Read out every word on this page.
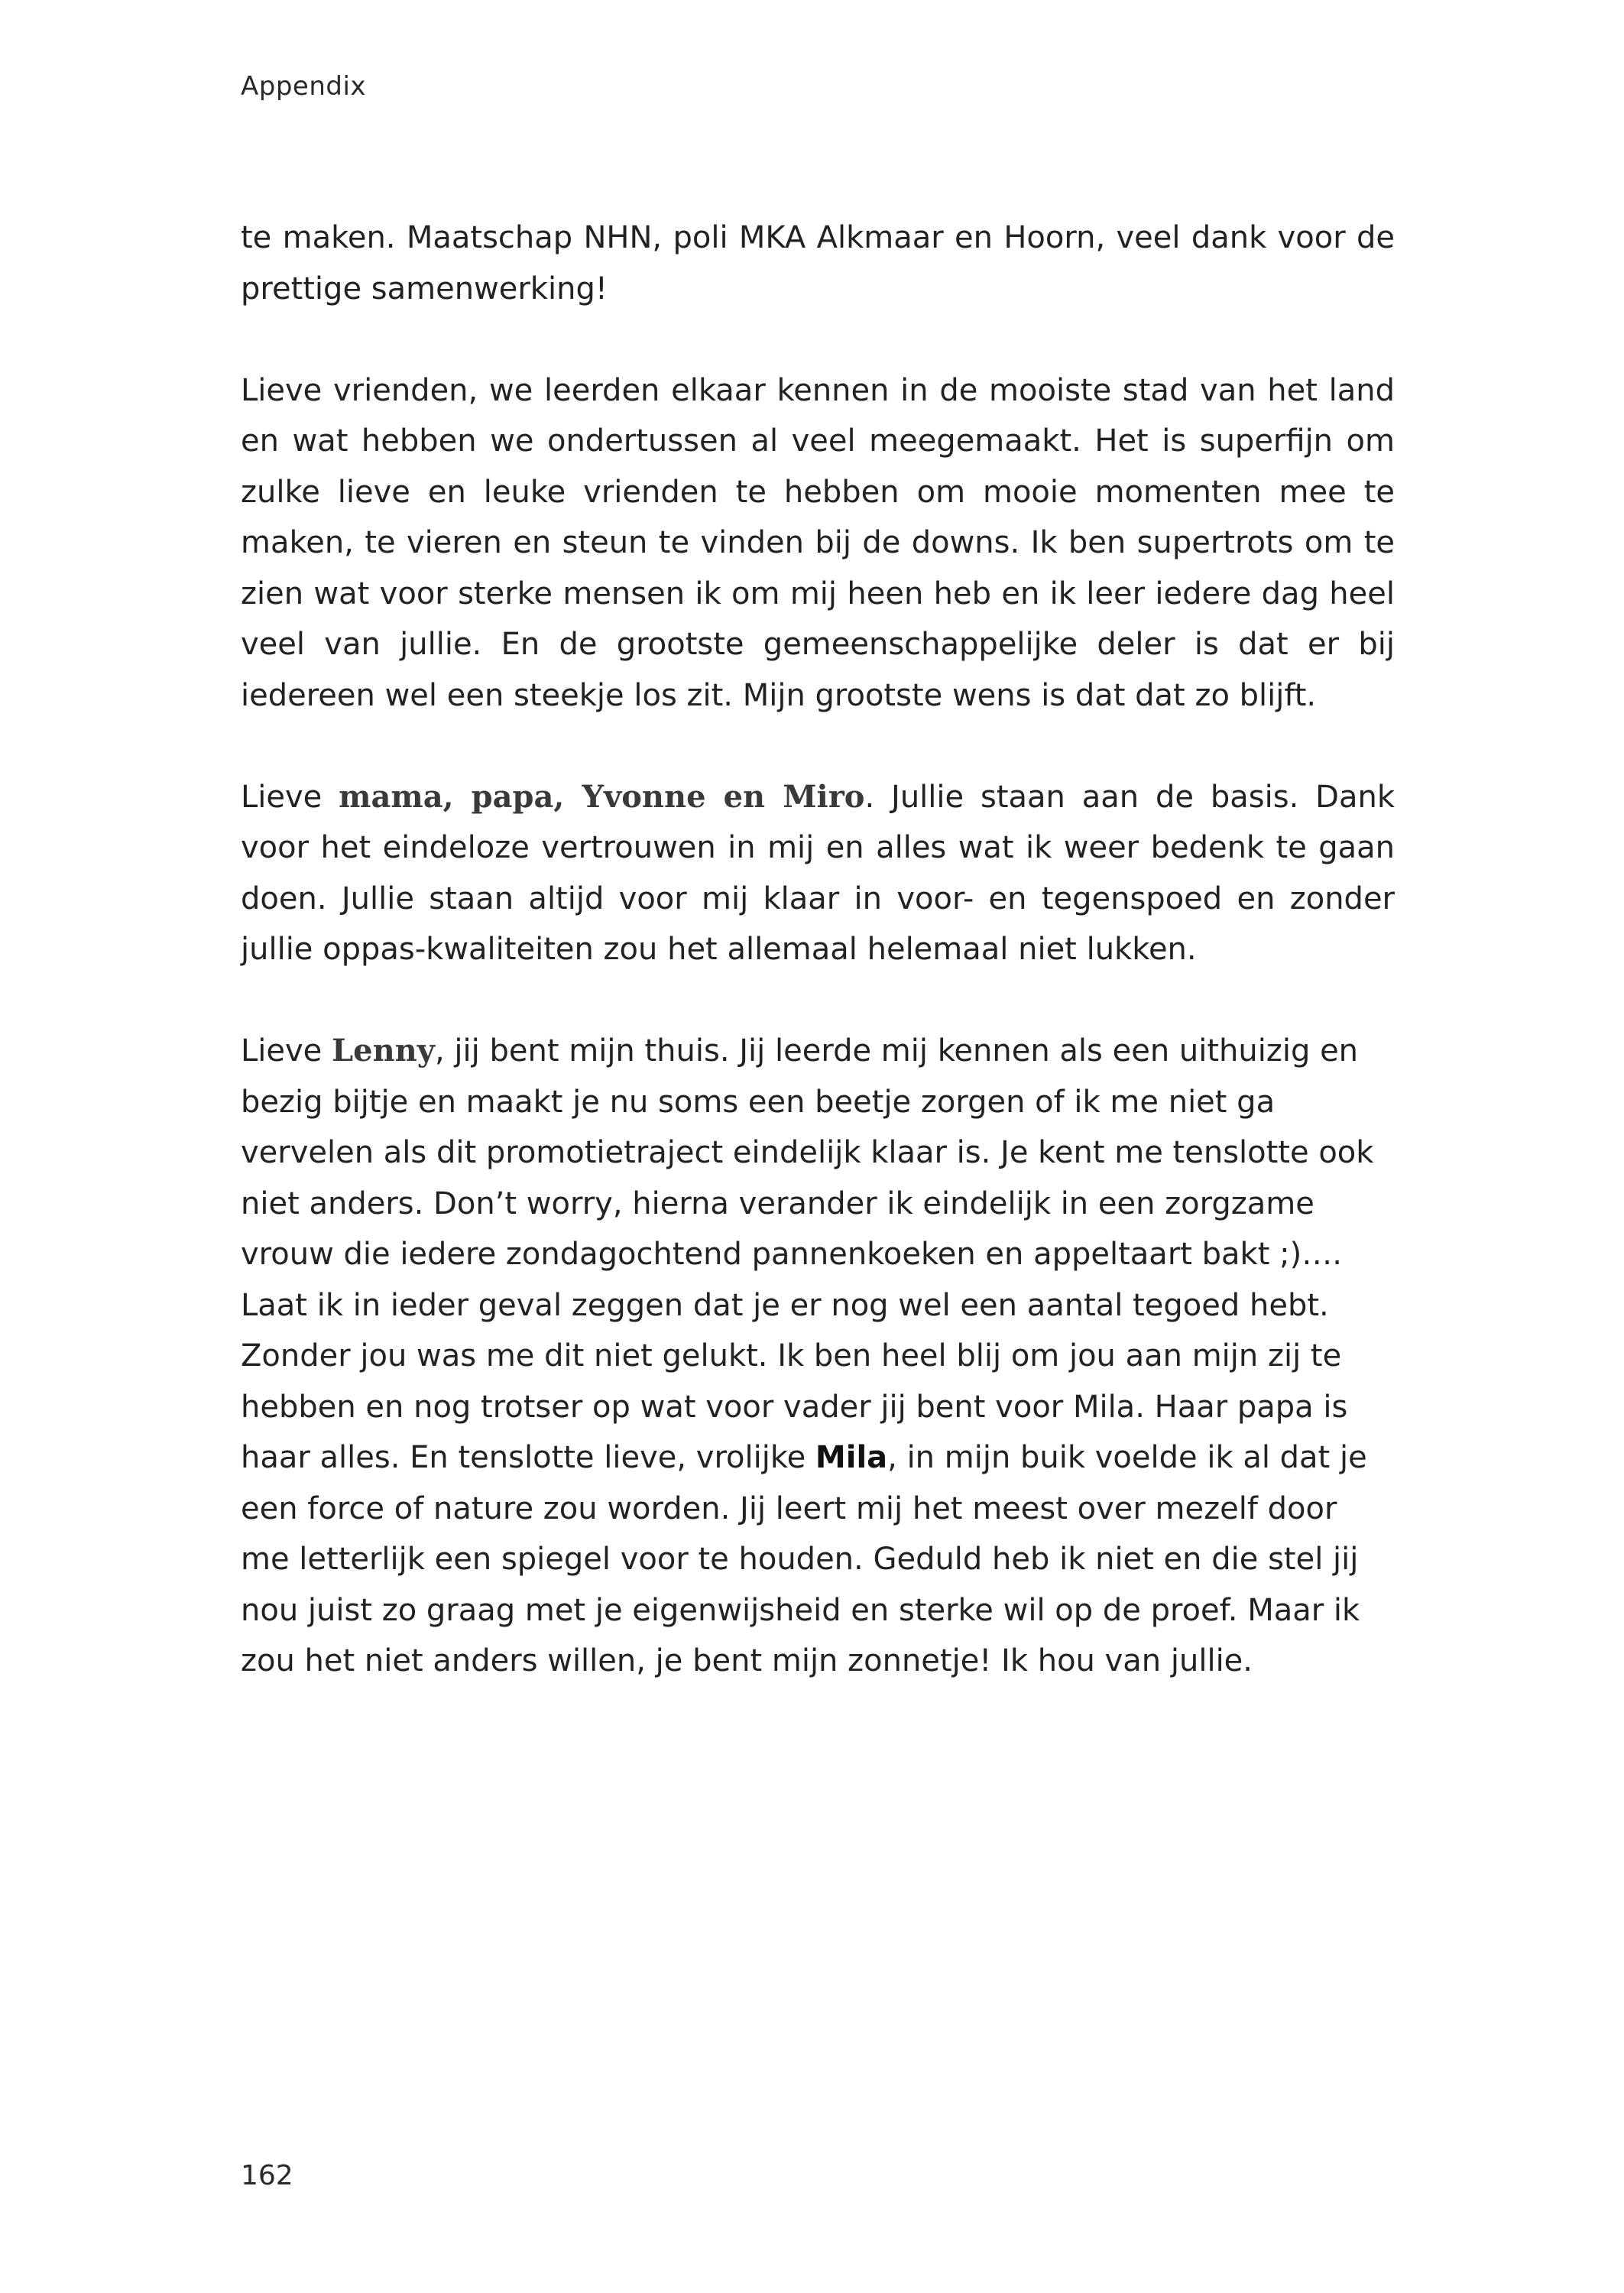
Appendix

te maken. Maatschap NHN, poli MKA Alkmaar en Hoorn, veel dank voor de prettige samenwerking!

Lieve vrienden, we leerden elkaar kennen in de mooiste stad van het land en wat hebben we ondertussen al veel meegemaakt. Het is superfijn om zulke lieve en leuke vrienden te hebben om mooie momenten mee te maken, te vieren en steun te vinden bij de downs. Ik ben supertrots om te zien wat voor sterke mensen ik om mij heen heb en ik leer iedere dag heel veel van jullie. En de grootste gemeenschappelijke deler is dat er bij iedereen wel een steekje los zit. Mijn grootste wens is dat dat zo blijft.

Lieve mama, papa, Yvonne en Miro. Jullie staan aan de basis. Dank voor het eindeloze vertrouwen in mij en alles wat ik weer bedenk te gaan doen. Jullie staan altijd voor mij klaar in voor- en tegenspoed en zonder jullie oppas-kwaliteiten zou het allemaal helemaal niet lukken.

Lieve Lenny, jij bent mijn thuis. Jij leerde mij kennen als een uithuizig en bezig bijtje en maakt je nu soms een beetje zorgen of ik me niet ga vervelen als dit promotietraject eindelijk klaar is. Je kent me tenslotte ook niet anders. Don’t worry, hierna verander ik eindelijk in een zorgzame vrouw die iedere zondagochtend pannenkoeken en appeltaart bakt ;)…. Laat ik in ieder geval zeggen dat je er nog wel een aantal tegoed hebt. Zonder jou was me dit niet gelukt. Ik ben heel blij om jou aan mijn zij te hebben en nog trotser op wat voor vader jij bent voor Mila. Haar papa is haar alles. En tenslotte lieve, vrolijke Mila, in mijn buik voelde ik al dat je een force of nature zou worden. Jij leert mij het meest over mezelf door me letterlijk een spiegel voor te houden. Geduld heb ik niet en die stel jij nou juist zo graag met je eigenwijsheid en sterke wil op de proef. Maar ik zou het niet anders willen, je bent mijn zonnetje! Ik hou van jullie.

162
